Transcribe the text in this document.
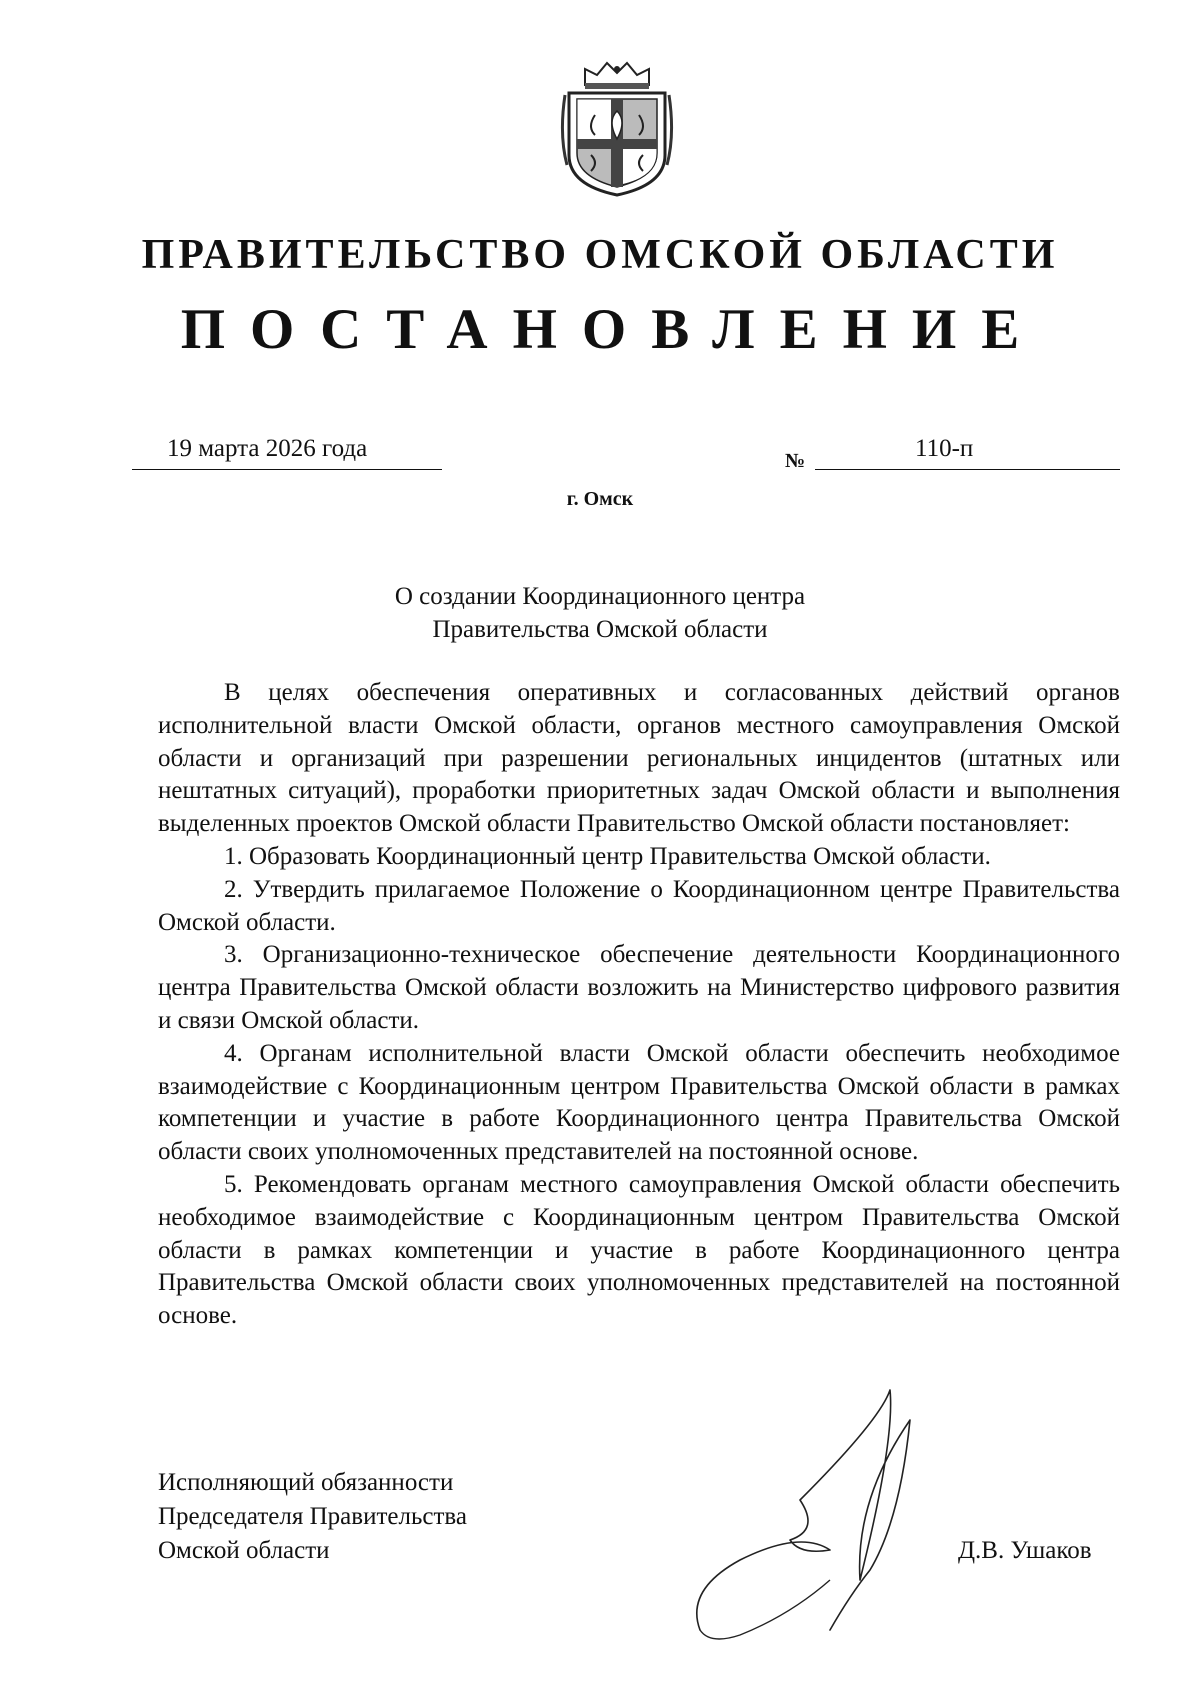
ПРАВИТЕЛЬСТВО ОМСКОЙ ОБЛАСТИ
ПОСТАНОВЛЕНИЕ
19 марта 2026 года	№	110-п
г. Омск
О создании Координационного центра
Правительства Омской области

В целях обеспечения оперативных и согласованных действий органов исполнительной власти Омской области, органов местного самоуправления Омской области и организаций при разрешении региональных инцидентов (штатных или нештатных ситуаций), проработки приоритетных задач Омской области и выполнения выделенных проектов Омской области Правительство Омской области постановляет:

1. Образовать Координационный центр Правительства Омской области.

2. Утвердить прилагаемое Положение о Координационном центре Правительства Омской области.

3. Организационно-техническое обеспечение деятельности Координационного центра Правительства Омской области возложить на Министерство цифрового развития и связи Омской области.

4. Органам исполнительной власти Омской области обеспечить необходимое взаимодействие с Координационным центром Правительства Омской области в рамках компетенции и участие в работе Координационного центра Правительства Омской области своих уполномоченных представителей на постоянной основе.

5. Рекомендовать органам местного самоуправления Омской области обеспечить необходимое взаимодействие с Координационным центром Правительства Омской области в рамках компетенции и участие в работе Координационного центра Правительства Омской области своих уполномоченных представителей на постоянной основе.

Исполняющий обязанности
Председателя Правительства
Омской области	Д.В. Ушаков
